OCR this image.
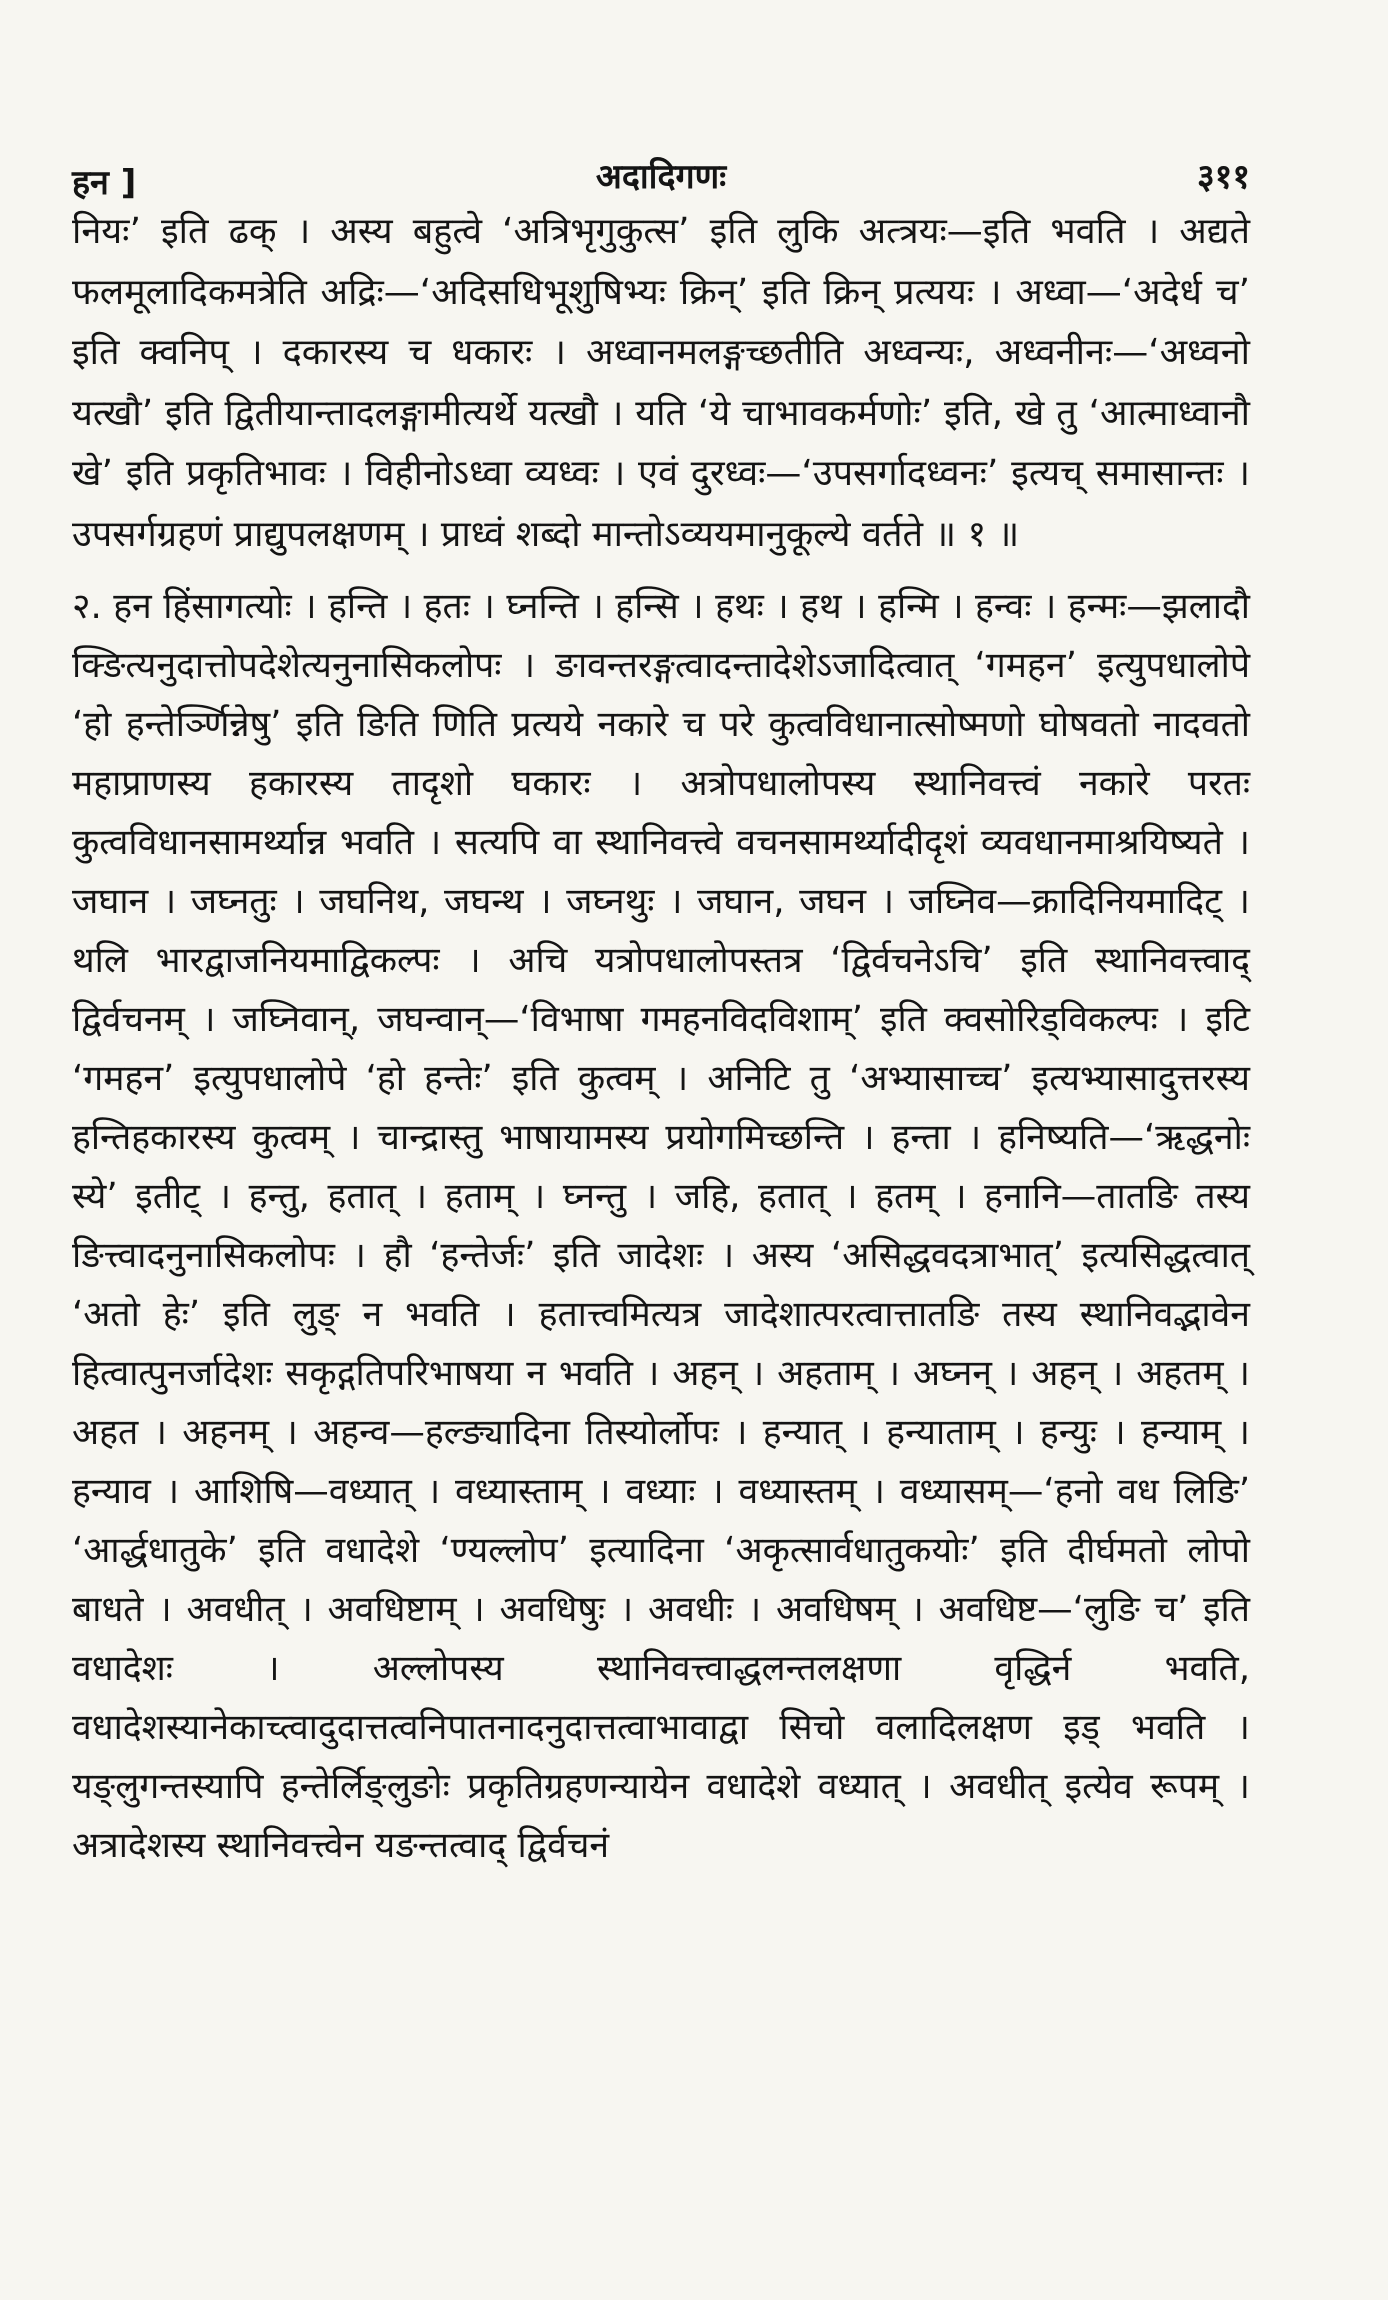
हन ]	अदादिगणः	३११

नियः’ इति ढक् । अस्य बहुत्वे ‘अत्रिभृगुकुत्स’ इति लुकि अत्त्रयः—इति भवति । अद्यते फलमूलादिकमत्रेति अद्रिः—‘अदिसधिभूशुषिभ्यः क्रिन्’ इति क्रिन् प्रत्ययः । अध्वा—‘अदेर्ध च’ इति क्वनिप् । दकारस्य च धकारः । अध्वानमलङ्गच्छतीति अध्वन्यः, अध्वनीनः—‘अध्वनो यत्खौ’ इति द्वितीयान्तादलङ्गामीत्यर्थे यत्खौ । यति ‘ये चाभावकर्मणोः’ इति, खे तु ‘आत्माध्वानौ खे’ इति प्रकृतिभावः । विहीनोऽध्वा व्यध्वः । एवं दुरध्वः—‘उपसर्गादध्वनः’ इत्यच् समासान्तः । उपसर्गग्रहणं प्राद्युपलक्षणम् । प्राध्वं शब्दो मान्तोऽव्ययमानुकूल्ये वर्तते ॥ १ ॥

२. हन हिंसागत्योः । हन्ति । हतः । घ्नन्ति । हन्सि । हथः । हथ । हन्मि । हन्वः । हन्मः—झलादौ क्ङित्यनुदात्तोपदेशेत्यनुनासिकलोपः । ङावन्तरङ्गत्वादन्तादेशेऽजादित्वात् ‘गमहन’ इत्युपधालोपे ‘हो हन्तेर्ञ्णिन्नेषु’ इति ङिति णिति प्रत्यये नकारे च परे कुत्वविधानात्सोष्मणो घोषवतो नादवतो महाप्राणस्य हकारस्य तादृशो घकारः । अत्रोपधालोपस्य स्थानिवत्त्वं नकारे परतः कुत्वविधानसामर्थ्यान्न भवति । सत्यपि वा स्थानिवत्त्वे वचनसामर्थ्यादीदृशं व्यवधानमाश्रयिष्यते । जघान । जघ्नतुः । जघनिथ, जघन्थ । जघ्नथुः । जघान, जघन । जघ्निव—क्रादिनियमादिट् । थलि भारद्वाजनियमाद्विकल्पः । अचि यत्रोपधालोपस्तत्र ‘द्विर्वचनेऽचि’ इति स्थानिवत्त्वाद् द्विर्वचनम् । जघ्निवान्, जघन्वान्—‘विभाषा गमहनविदविशाम्’ इति क्वसोरिड्विकल्पः । इटि ‘गमहन’ इत्युपधालोपे ‘हो हन्तेः’ इति कुत्वम् । अनिटि तु ‘अभ्यासाच्च’ इत्यभ्यासादुत्तरस्य हन्तिहकारस्य कुत्वम् । चान्द्रास्तु भाषायामस्य प्रयोगमिच्छन्ति । हन्ता । हनिष्यति—‘ऋद्धनोः स्ये’ इतीट् । हन्तु, हतात् । हताम् । घ्नन्तु । जहि, हतात् । हतम् । हनानि—तातङि तस्य ङित्त्वादनुनासिकलोपः । हौ ‘हन्तेर्जः’ इति जादेशः । अस्य ‘असिद्धवदत्राभात्’ इत्यसिद्धत्वात् ‘अतो हेः’ इति लुङ् न भवति । हतात्त्वमित्यत्र जादेशात्परत्वात्तातङि तस्य स्थानिवद्भावेन हित्वात्पुनर्जादेशः सकृद्गतिपरिभाषया न भवति । अहन् । अहताम् । अघ्नन् । अहन् । अहतम् । अहत । अहनम् । अहन्व—हल्ङ्यादिना तिस्योर्लोपः । हन्यात् । हन्याताम् । हन्युः । हन्याम् । हन्याव । आशिषि—वध्यात् । वध्यास्ताम् । वध्याः । वध्यास्तम् । वध्यासम्—‘हनो वध लिङि’ ‘आर्द्धधातुके’ इति वधादेशे ‘ण्यल्लोप’ इत्यादिना ‘अकृत्सार्वधातुकयोः’ इति दीर्घमतो लोपो बाधते । अवधीत् । अवधिष्टाम् । अवधिषुः । अवधीः । अवधिषम् । अवधिष्ट—‘लुङि च’ इति वधादेशः । अल्लोपस्य स्थानिवत्त्वाद्धलन्तलक्षणा वृद्धिर्न भवति, वधादेशस्यानेकाच्त्वादुदात्तत्वनिपातनादनुदात्तत्वाभावाद्वा सिचो वलादिलक्षण इड् भवति । यङ्लुगन्तस्यापि हन्तेर्लिङ्लुङोः प्रकृतिग्रहणन्यायेन वधादेशे वध्यात् । अवधीत् इत्येव रूपम् । अत्रादेशस्य स्थानिवत्त्वेन यङन्तत्वाद् द्विर्वचनं
